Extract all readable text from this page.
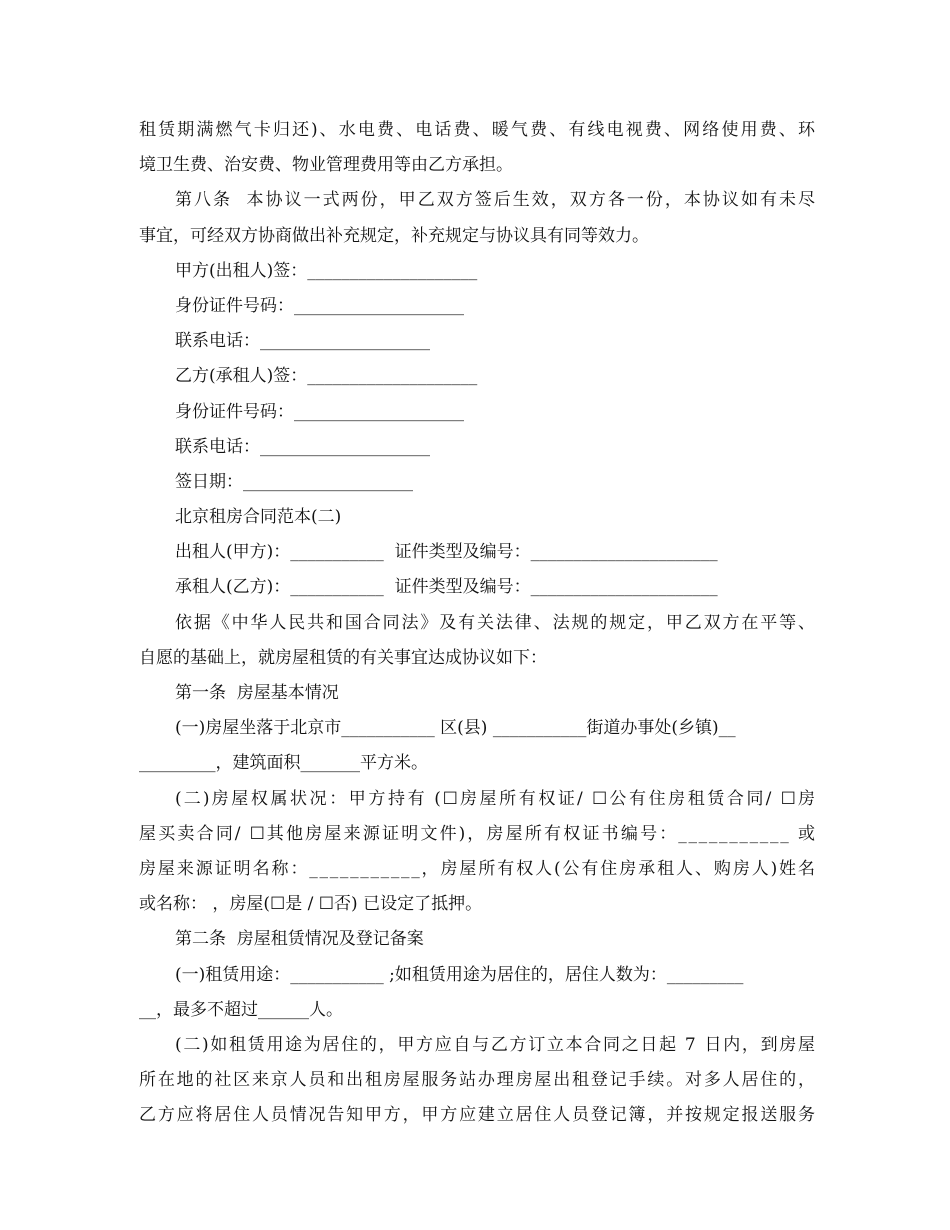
租 赁 期 满 燃 气 卡 归 还 ) 、 水 电 费 、 电 话 费 、 暖 气 费 、 有 线 电 视 费 、 网 络 使 用 费 、 环
境卫生费、治安费、物业管理费用等由乙方承担。
第 八 条     本 协 议 一 式 两 份 ， 甲 乙 双 方 签 后 生 效 ， 双 方 各 一 份 ， 本 协 议 如 有 未 尽
事宜，可经双方协商做出补充规定，补充规定与协议具有同等效力。
甲方(出租人)签：____________________
身份证件号码：____________________
联系电话：____________________
乙方(承租人)签：____________________
身份证件号码：____________________
联系电话：____________________
签日期：____________________
北京租房合同范本(二)
出租人(甲方)：___________  证件类型及编号：______________________
承租人(乙方)：___________  证件类型及编号：______________________
依 据 《 中 华 人 民 共 和 国 合 同 法 》 及 有 关 法 律 、 法 规 的 规 定 ， 甲 乙 双 方 在 平 等 、
自愿的基础上，就房屋租赁的有关事宜达成协议如下：
第一条  房屋基本情况
(一)房屋坐落于北京市___________ 区(县) ___________街道办事处(乡镇)__
_________，建筑面积_______平方米。
( 二 ) 房 屋 权 属 状 况 ： 甲 方 持 有   ( ☐ 房 屋 所 有 权 证 /   ☐ 公 有 住 房 租 赁 合 同 /   ☐ 房
屋 买 卖 合 同 /   ☐ 其 他 房 屋 来 源 证 明 文 件 ) ， 房 屋 所 有 权 证 书 编 号 ： _ _ _ _ _ _ _ _ _ _ _   或
房 屋 来 源 证 明 名 称 ： _ _ _ _ _ _ _ _ _ _ _ ， 房 屋 所 有 权 人 ( 公 有 住 房 承 租 人 、 购 房 人 ) 姓 名
或名称： ，房屋(☐是 / ☐否) 已设定了抵押。
第二条  房屋租赁情况及登记备案
(一)租赁用途：___________ ;如租赁用途为居住的，居住人数为：_________
__，最多不超过______人。
( 二 ) 如 租 赁 用 途 为 居 住 的 ， 甲 方 应 自 与 乙 方 订 立 本 合 同 之 日 起   7   日 内 ， 到 房 屋
所 在 地 的 社 区 来 京 人 员 和 出 租 房 屋 服 务 站 办 理 房 屋 出 租 登 记 手 续 。 对 多 人 居 住 的 ，
乙 方 应 将 居 住 人 员 情 况 告 知 甲 方 ， 甲 方 应 建 立 居 住 人 员 登 记 簿 ， 并 按 规 定 报 送 服 务
